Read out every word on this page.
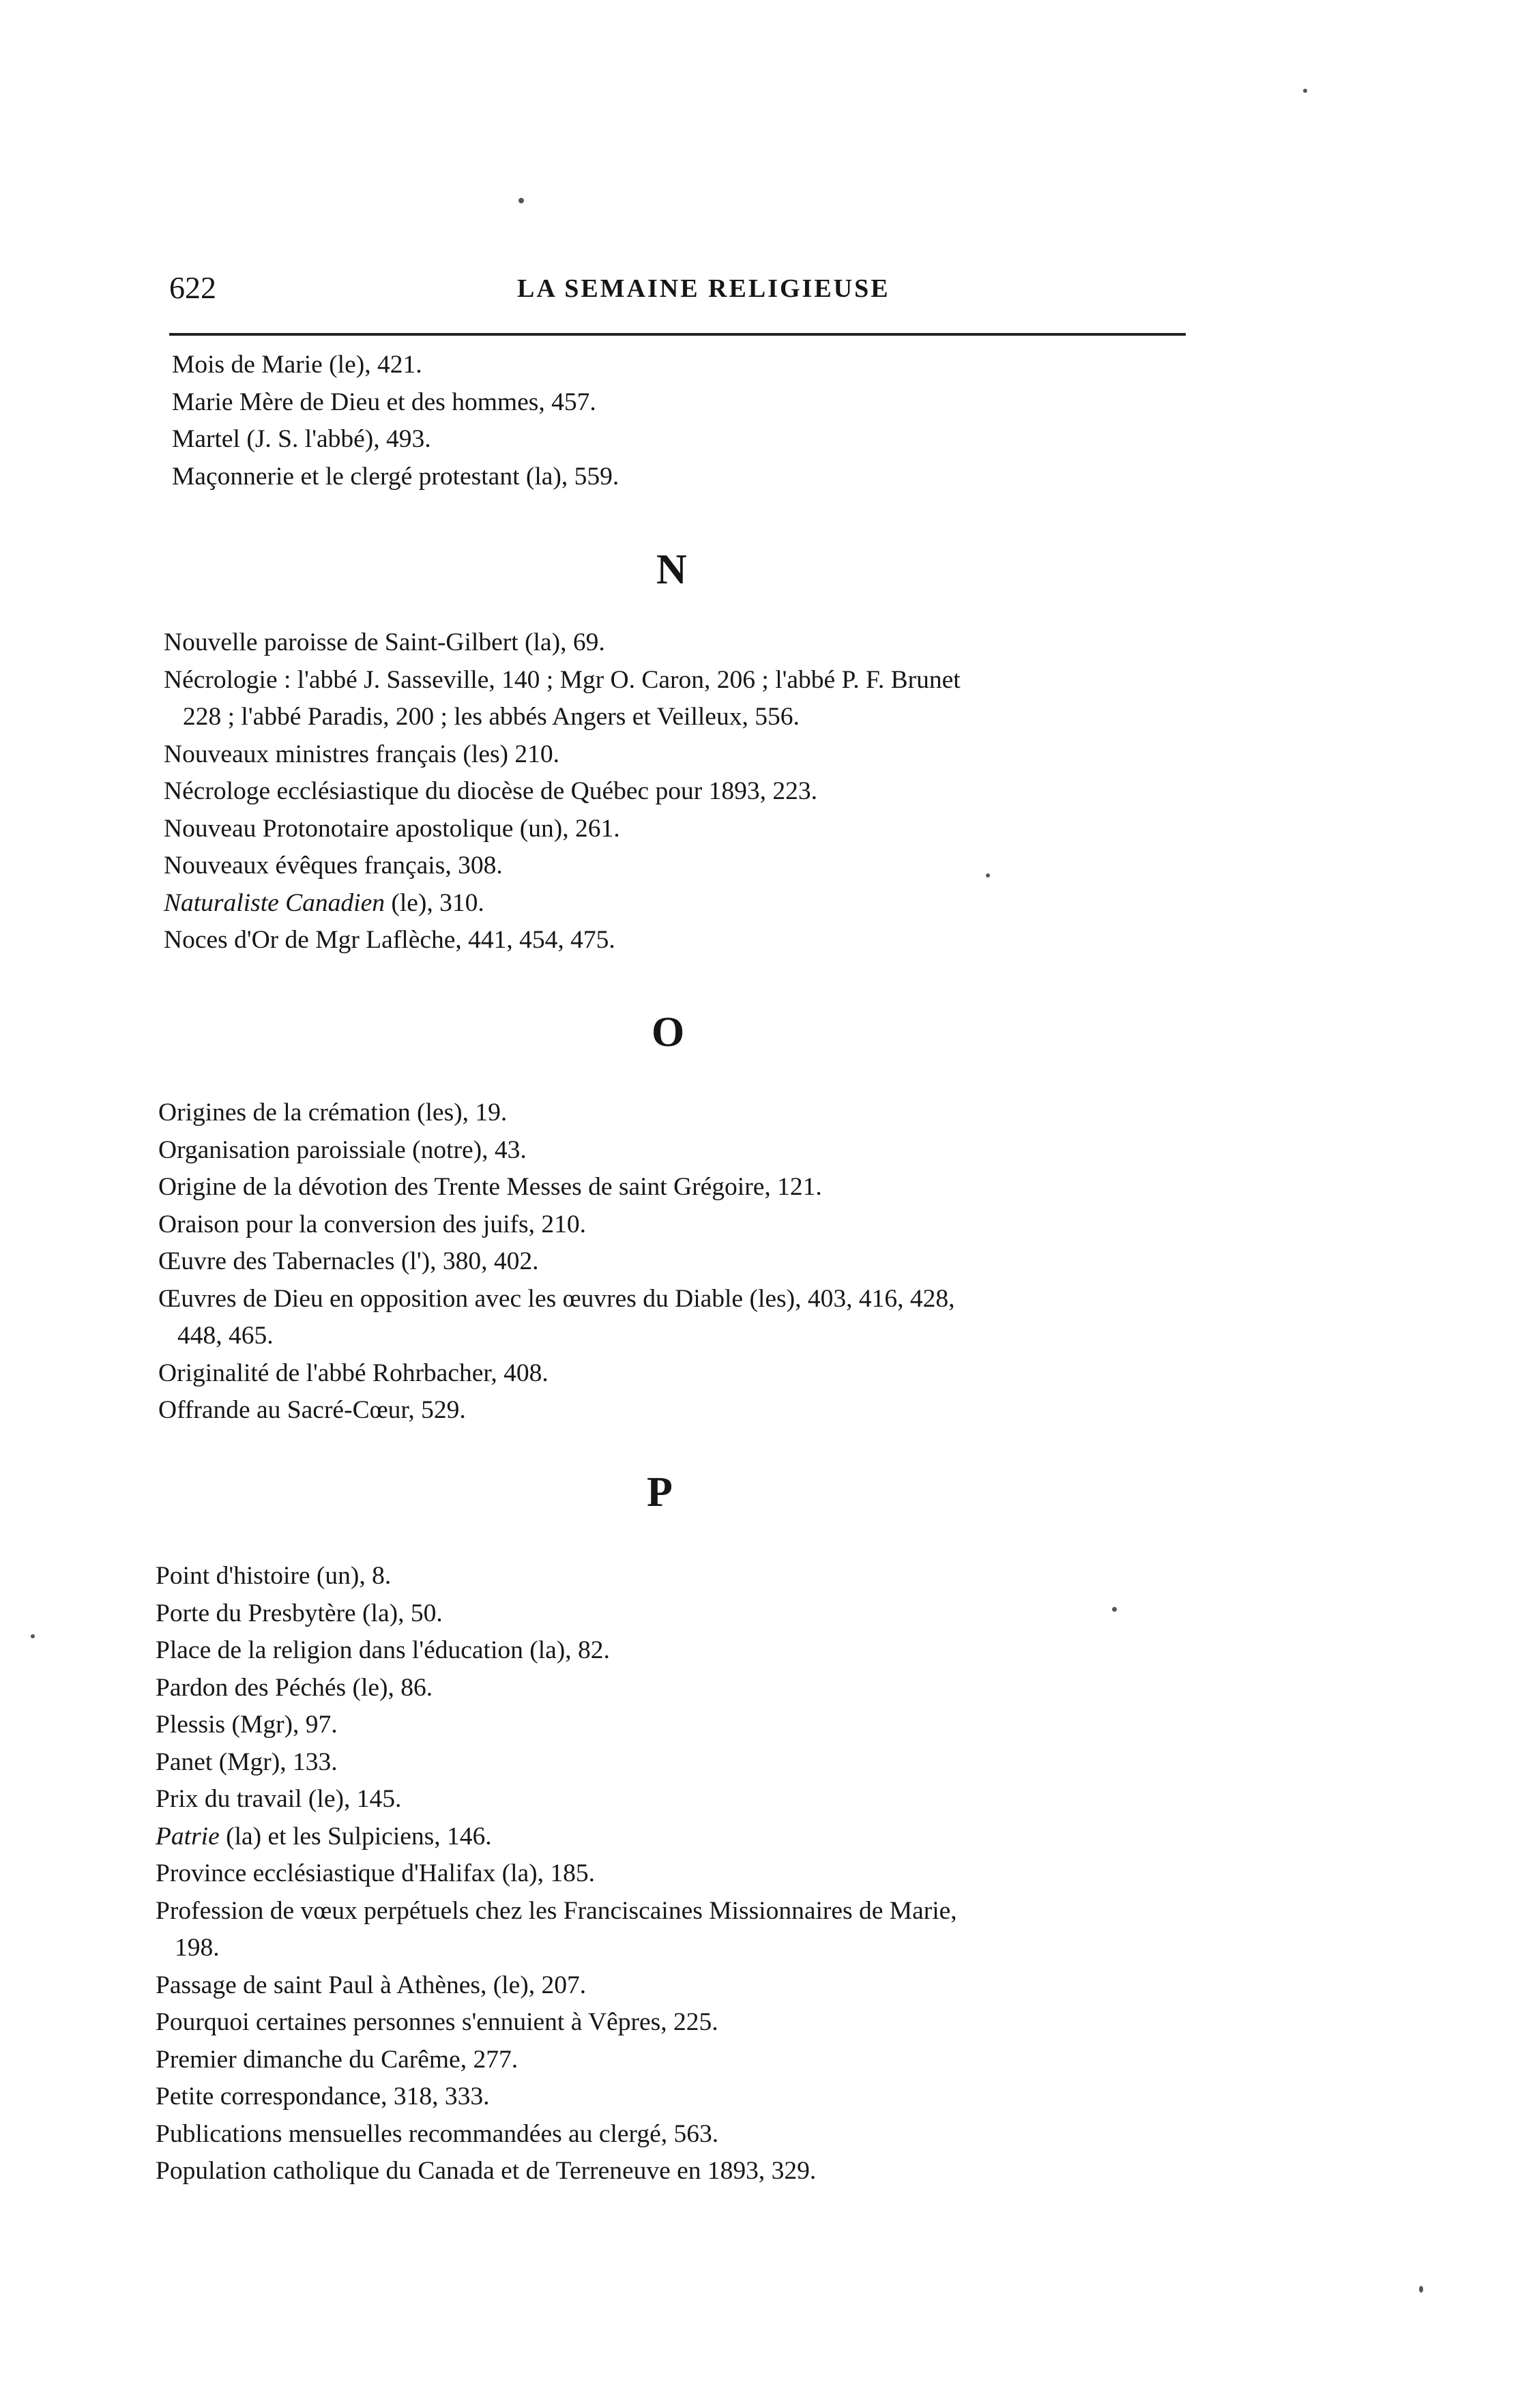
622	LA SEMAINE RELIGIEUSE
Mois de Marie (le), 421.
Marie Mère de Dieu et des hommes, 457.
Martel (J. S. l'abbé), 493.
Maçonnerie et le clergé protestant (la), 559.
N
Nouvelle paroisse de Saint-Gilbert (la), 69.
Nécrologie : l'abbé J. Sasseville, 140 ; Mgr O. Caron, 206 ; l'abbé P. F. Brunet
228 ; l'abbé Paradis, 200 ; les abbés Angers et Veilleux, 556.
Nouveaux ministres français (les) 210.
Nécrologe ecclésiastique du diocèse de Québec pour 1893, 223.
Nouveau Protonotaire apostolique (un), 261.
Nouveaux évêques français, 308.
Naturaliste Canadien (le), 310.
Noces d'Or de Mgr Laflèche, 441, 454, 475.
O
Origines de la crémation (les), 19.
Organisation paroissiale (notre), 43.
Origine de la dévotion des Trente Messes de saint Grégoire, 121.
Oraison pour la conversion des juifs, 210.
Œuvre des Tabernacles (l'), 380, 402.
Œuvres de Dieu en opposition avec les œuvres du Diable (les), 403, 416, 428,
448, 465.
Originalité de l'abbé Rohrbacher, 408.
Offrande au Sacré-Cœur, 529.
P
Point d'histoire (un), 8.
Porte du Presbytère (la), 50.
Place de la religion dans l'éducation (la), 82.
Pardon des Péchés (le), 86.
Plessis (Mgr), 97.
Panet (Mgr), 133.
Prix du travail (le), 145.
Patrie (la) et les Sulpiciens, 146.
Province ecclésiastique d'Halifax (la), 185.
Profession de vœux perpétuels chez les Franciscaines Missionnaires de Marie,
198.
Passage de saint Paul à Athènes, (le), 207.
Pourquoi certaines personnes s'ennuient à Vêpres, 225.
Premier dimanche du Carême, 277.
Petite correspondance, 318, 333.
Publications mensuelles recommandées au clergé, 563.
Population catholique du Canada et de Terreneuve en 1893, 329.
